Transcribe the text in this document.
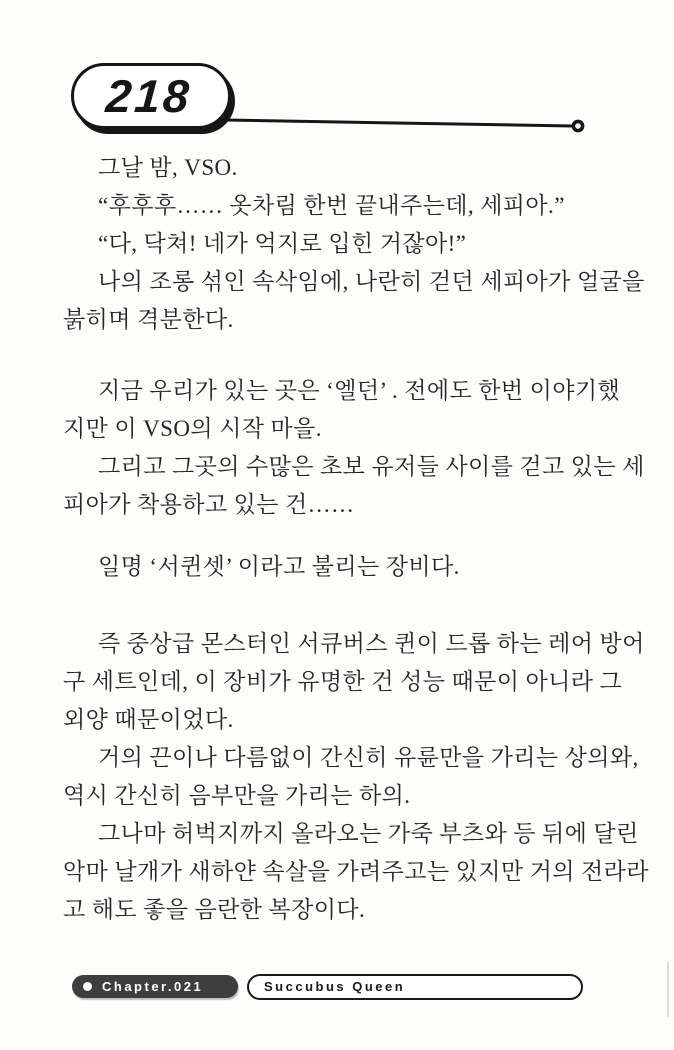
218
그날 밤, VSO.
“후후후…… 옷차림 한번 끝내주는데, 세피아.”
“다, 닥쳐! 네가 억지로 입힌 거잖아!”
나의 조롱 섞인 속삭임에, 나란히 걷던 세피아가 얼굴을
붉히며 격분한다.
지금 우리가 있는 곳은 ‘엘던’ . 전에도 한번 이야기했
지만 이 VSO의 시작 마을.
그리고 그곳의 수많은 초보 유저들 사이를 걷고 있는 세
피아가 착용하고 있는 건……
일명 ‘서퀸셋’ 이라고 불리는 장비다.
즉 중상급 몬스터인 서큐버스 퀸이 드롭 하는 레어 방어
구 세트인데, 이 장비가 유명한 건 성능 때문이 아니라 그
외양 때문이었다.
거의 끈이나 다름없이 간신히 유륜만을 가리는 상의와,
역시 간신히 음부만을 가리는 하의.
그나마 허벅지까지 올라오는 가죽 부츠와 등 뒤에 달린
악마 날개가 새하얀 속살을 가려주고는 있지만 거의 전라라
고 해도 좋을 음란한 복장이다.
Chapter.021	Succubus Queen
